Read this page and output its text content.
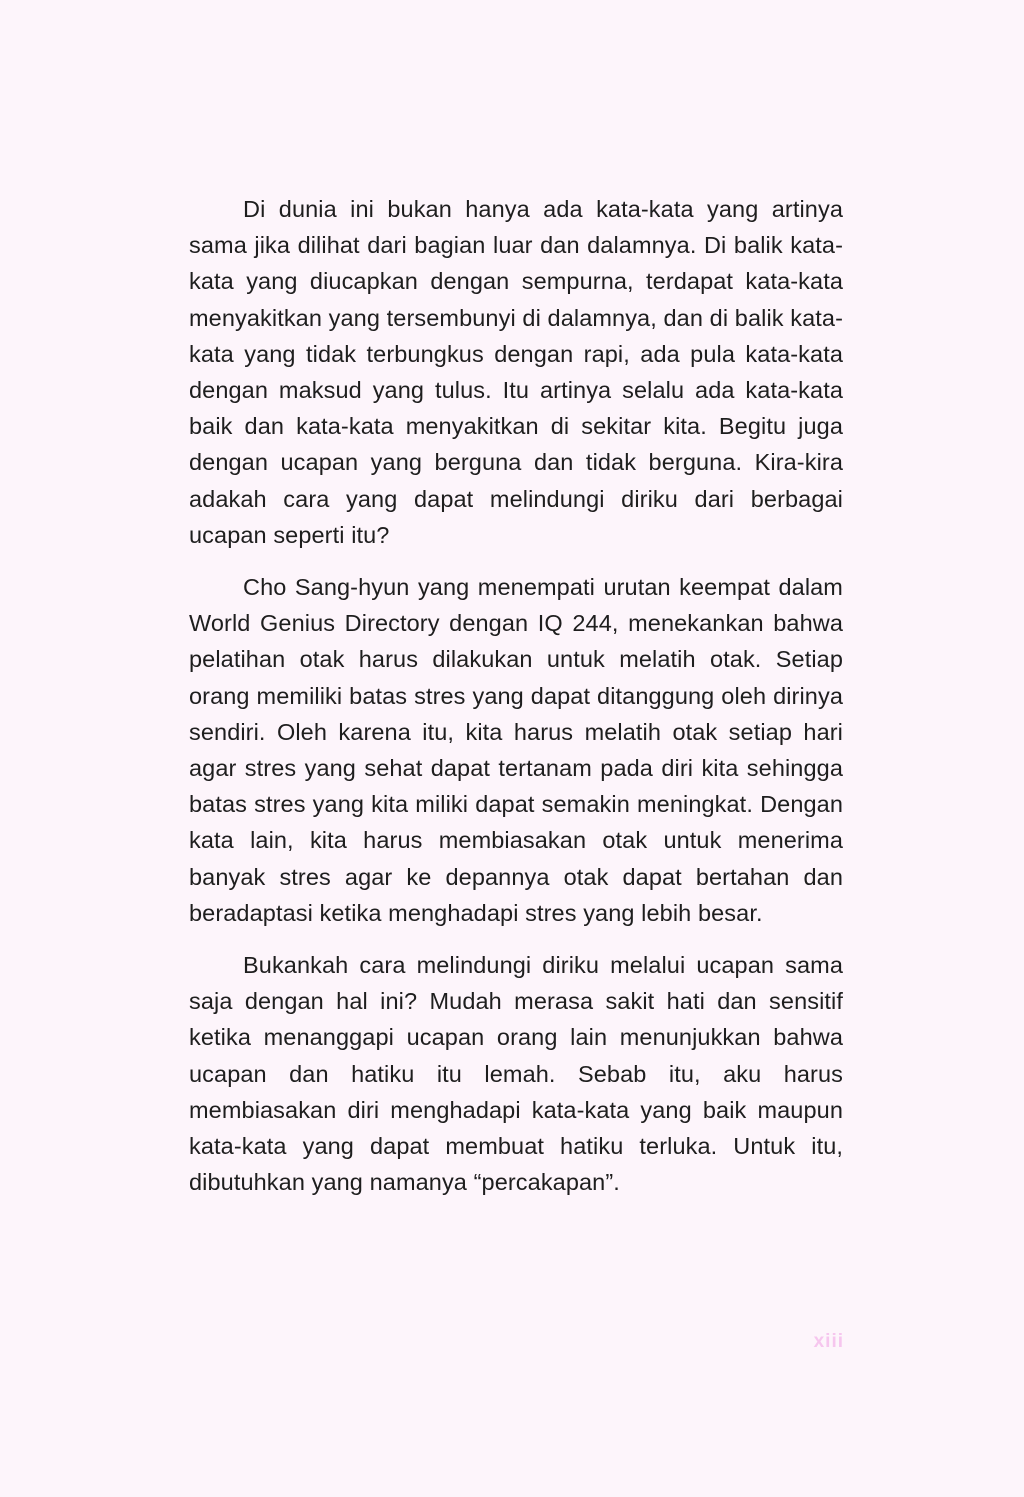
Di dunia ini bukan hanya ada kata-kata yang artinya sama jika dilihat dari bagian luar dan dalamnya. Di balik kata-kata yang diucapkan dengan sempurna, terdapat kata-kata menyakitkan yang tersembunyi di dalamnya, dan di balik kata-kata yang tidak terbungkus dengan rapi, ada pula kata-kata dengan maksud yang tulus. Itu artinya selalu ada kata-kata baik dan kata-kata menyakitkan di sekitar kita. Begitu juga dengan ucapan yang berguna dan tidak berguna. Kira-kira adakah cara yang dapat melindungi diriku dari berbagai ucapan seperti itu?

Cho Sang-hyun yang menempati urutan keempat dalam World Genius Directory dengan IQ 244, menekankan bahwa pelatihan otak harus dilakukan untuk melatih otak. Setiap orang memiliki batas stres yang dapat ditanggung oleh dirinya sendiri. Oleh karena itu, kita harus melatih otak setiap hari agar stres yang sehat dapat tertanam pada diri kita sehingga batas stres yang kita miliki dapat semakin meningkat. Dengan kata lain, kita harus membiasakan otak untuk menerima banyak stres agar ke depannya otak dapat bertahan dan beradaptasi ketika menghadapi stres yang lebih besar.

Bukankah cara melindungi diriku melalui ucapan sama saja dengan hal ini? Mudah merasa sakit hati dan sensitif ketika menanggapi ucapan orang lain menunjukkan bahwa ucapan dan hatiku itu lemah. Sebab itu, aku harus membiasakan diri menghadapi kata-kata yang baik maupun kata-kata yang dapat membuat hatiku terluka. Untuk itu, dibutuhkan yang namanya “percakapan”.

xiii
